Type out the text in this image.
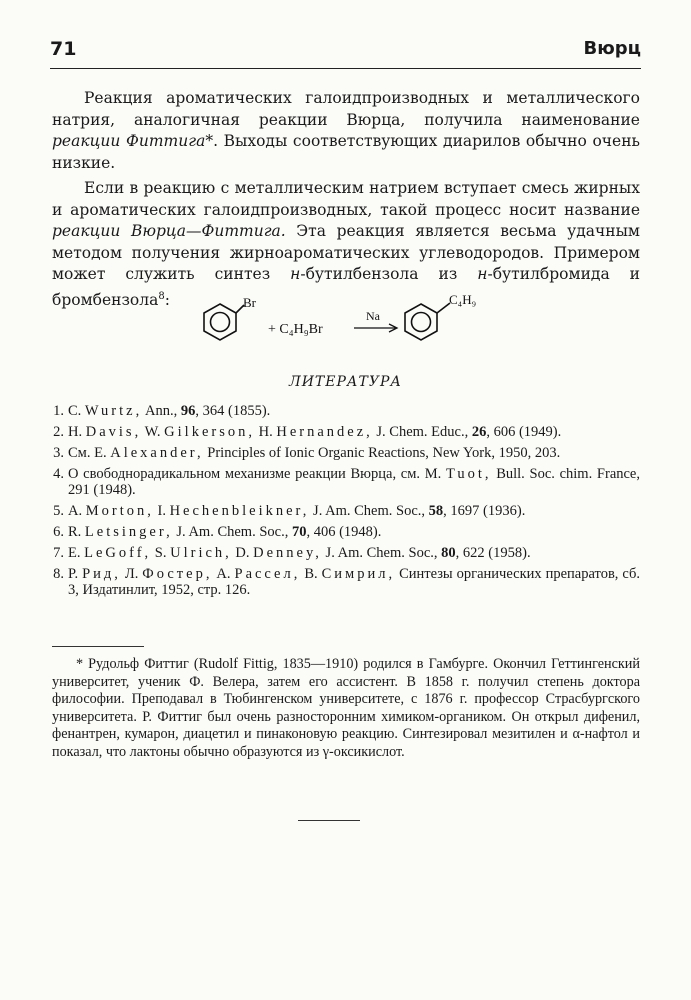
71	Вюрц

Реакция ароматических галоидпроизводных и металлического натрия, аналогичная реакции Вюрца, получила наименование реакции Фиттига*. Выходы соответствующих диарилов обычно очень низкие.

Если в реакцию с металлическим натрием вступает смесь жирных и ароматических галоидпроизводных, такой процесс носит название реакции Вюрца—Фиттига. Эта реакция является весьма удачным методом получения жирноароматических углеводородов. Примером может служить синтез н-бутилбензола из н-бутилбромида и бромбензола$^8$:	Br
+ C₄H₉Br
Na
C₄H₉
ЛИТЕРАТУРА
1. C. Wurtz, Ann., 96, 364 (1855).
2. H. Davis, W. Gilkerson, H. Hernandez, J. Chem. Educ., 26, 606 (1949).
3. См. E. Alexander, Principles of Ionic Organic Reactions, New York, 1950, 203.
4. О свободнорадикальном механизме реакции Вюрца, см. M. Tuot, Bull. Soc. chim. France, 291 (1948).
5. A. Morton, I. Hechenbleikner, J. Am. Chem. Soc., 58, 1697 (1936).
6. R. Letsinger, J. Am. Chem. Soc., 70, 406 (1948).
7. E. LeGoff, S. Ulrich, D. Denney, J. Am. Chem. Soc., 80, 622 (1958).
8. P. Рид, Л. Фостер, А. Рассел, В. Симрил, Синтезы органических препаратов, сб. 3, Издатинлит, 1952, стр. 126.

* Рудольф Фиттиг (Rudolf Fittig, 1835—1910) родился в Гамбурге. Окончил Геттингенский университет, ученик Ф. Велера, затем его ассистент. В 1858 г. получил степень доктора философии. Преподавал в Тюбингенском университете, с 1876 г. профессор Страсбургского университета. Р. Фиттиг был очень разносторонним химиком-органиком. Он открыл дифенил, фенантрен, кумарон, диацетил и пинаконовую реакцию. Синтезировал мезитилен и α-нафтол и показал, что лактоны обычно образуются из γ-оксикислот.
